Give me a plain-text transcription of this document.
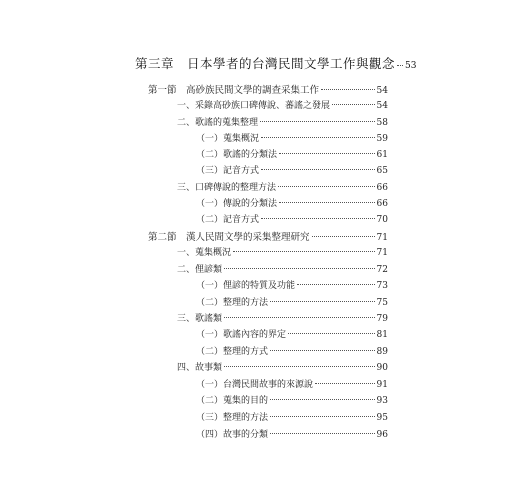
第三章　日本學者的台灣民間文學工作與觀念 53
第一節 高砂族民間文學的調查采集工作	54
一、采錄高砂族口碑傳說、蕃謠之發展	54
二、歌謠的蒐集整理	58
（一）蒐集概況	59
（二）歌謠的分類法	61
（三）記音方式	65
三、口碑傳說的整理方法	66
（一）傳說的分類法	66
（二）記音方式	70
第二節 漢人民間文學的采集整理研究	71
一、蒐集概況	71
二、俚諺類	72
（一）俚諺的特質及功能	73
（二）整理的方法	75
三、歌謠類	79
（一）歌謠內容的界定	81
（二）整理的方式	89
四、故事類	90
（一）台灣民間故事的來源說	91
（二）蒐集的目的	93
（三）整理的方法	95
（四）故事的分類	96
